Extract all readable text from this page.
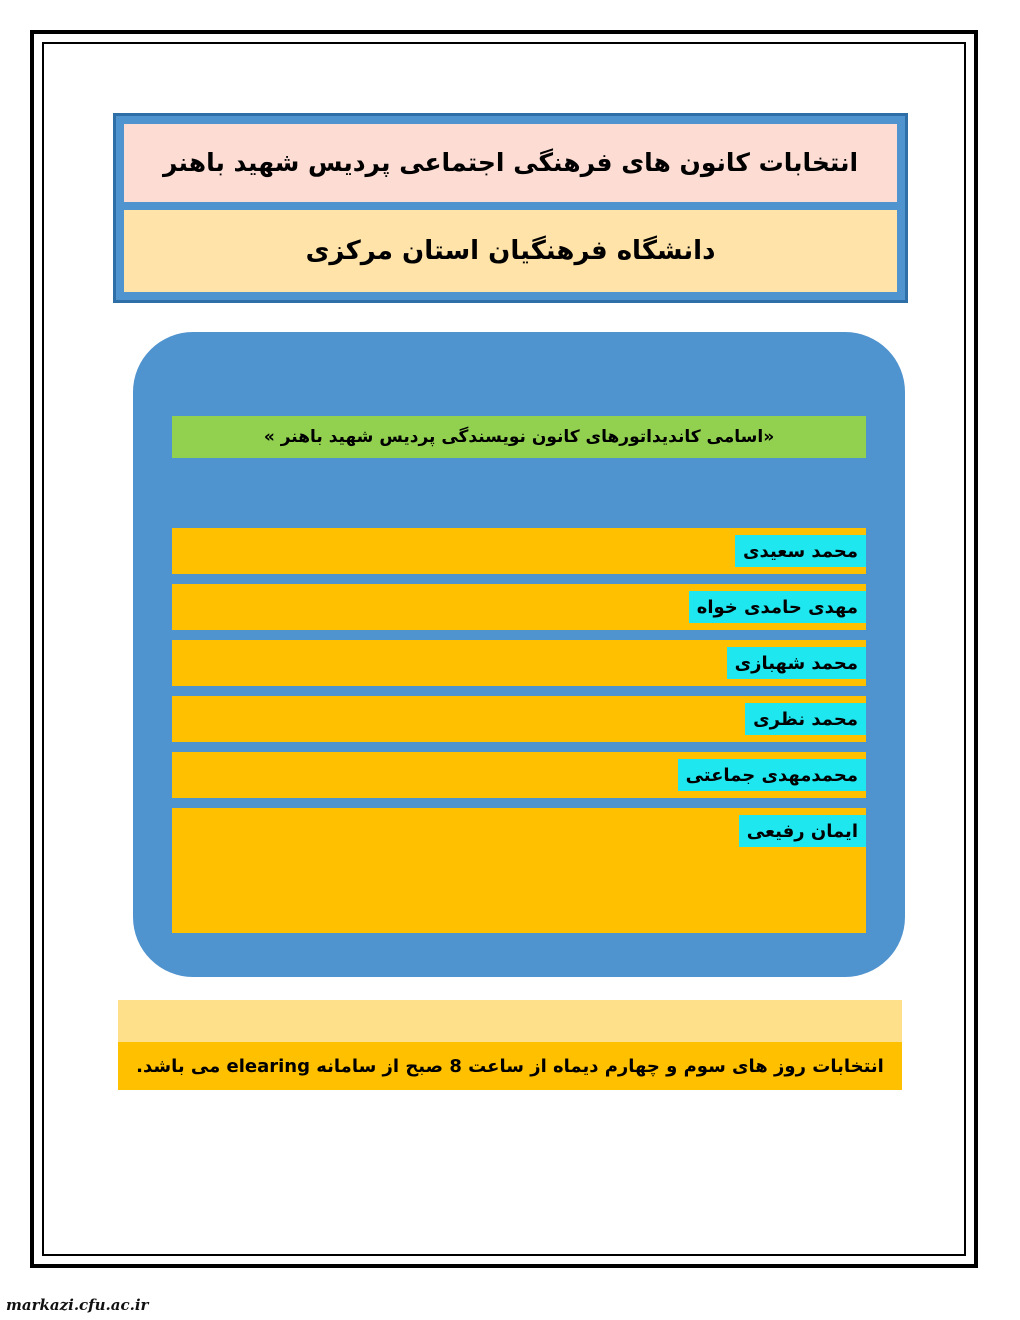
انتخابات کانون های فرهنگی اجتماعی پردیس شهید باهنر
دانشگاه فرهنگیان استان مرکزی
«اسامی کاندیداتورهای کانون نویسندگی پردیس شهید باهنر »
محمد سعیدی
مهدی حامدی خواه
محمد شهبازی
محمد نظری
محمدمهدی جماعتی
ایمان رفیعی
انتخابات روز های سوم و چهارم دیماه از ساعت 8 صبح از سامانه elearing می باشد.
markazi.cfu.ac.ir
